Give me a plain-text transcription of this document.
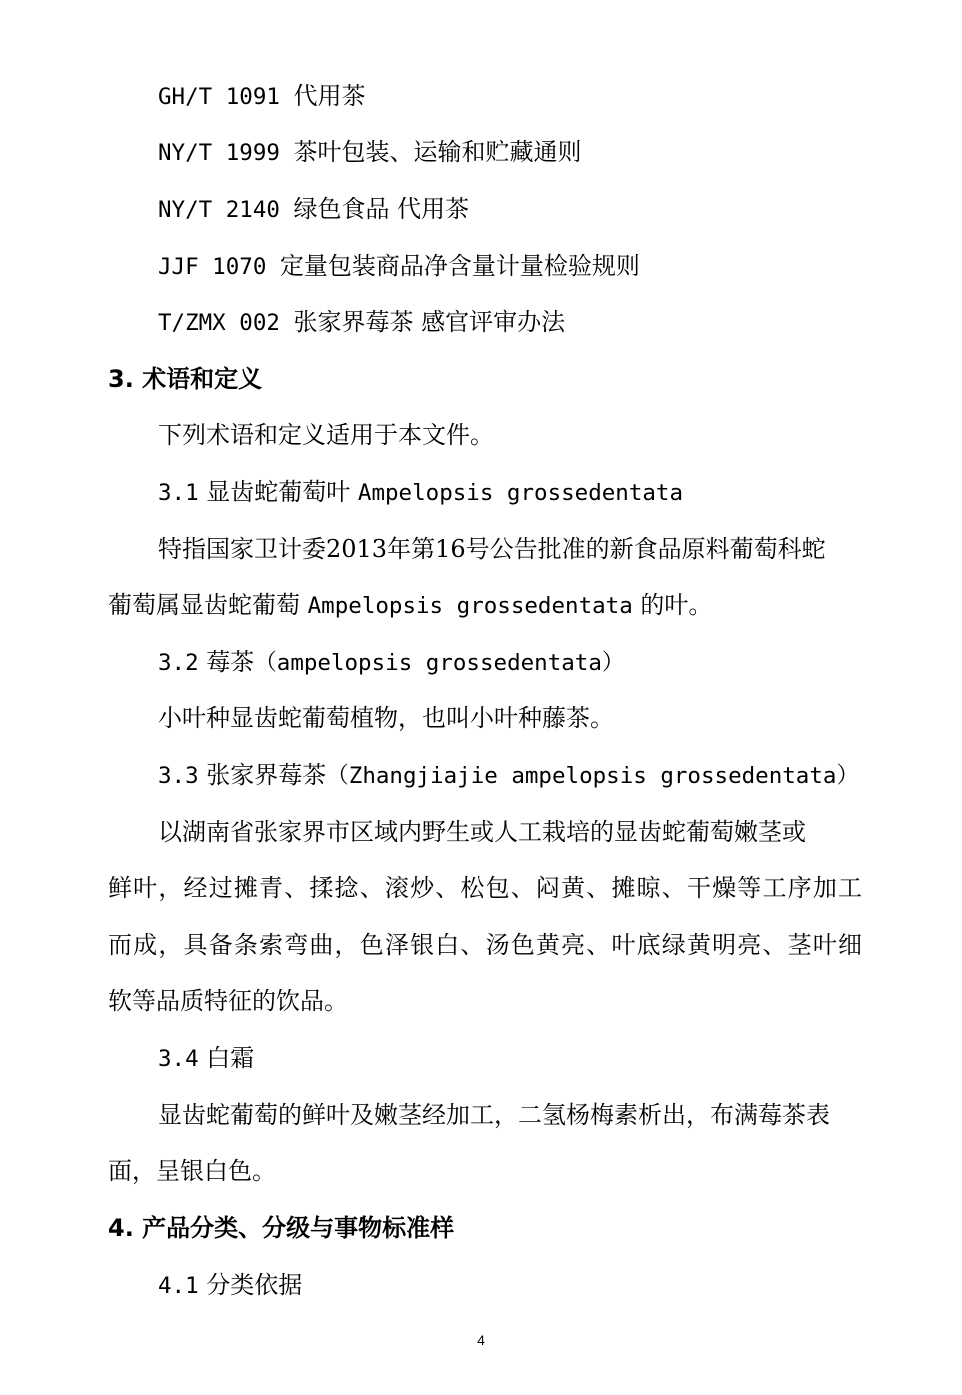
GH/T 1091 代用茶
NY/T 1999 茶叶包装、运输和贮藏通则
NY/T 2140 绿色食品 代用茶
JJF 1070 定量包装商品净含量计量检验规则
T/ZMX 002 张家界莓茶 感官评审办法
3. 术语和定义
下列术语和定义适用于本文件。
3.1 显齿蛇葡萄叶 Ampelopsis grossedentata
特指国家卫计委2013年第16号公告批准的新食品原料葡萄科蛇
葡萄属显齿蛇葡萄 Ampelopsis grossedentata 的叶。
3.2 莓茶（ampelopsis grossedentata）
小叶种显齿蛇葡萄植物，也叫小叶种藤茶。
3.3 张家界莓茶（Zhangjiajie ampelopsis grossedentata）
以湖南省张家界市区域内野生或人工栽培的显齿蛇葡萄嫩茎或
鲜叶，经过摊青、揉捻、滚炒、松包、闷黄、摊晾、干燥等工序加工
而成，具备条索弯曲，色泽银白、汤色黄亮、叶底绿黄明亮、茎叶细
软等品质特征的饮品。
3.4 白霜
显齿蛇葡萄的鲜叶及嫩茎经加工，二氢杨梅素析出，布满莓茶表
面，呈银白色。
4. 产品分类、分级与事物标准样
4.1 分类依据
4
